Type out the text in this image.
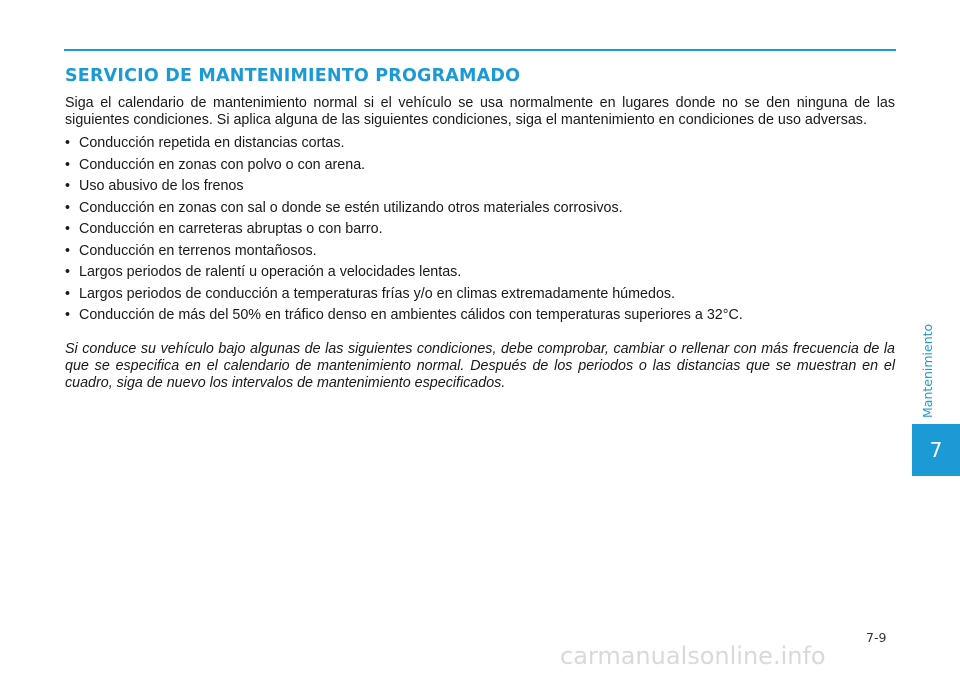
SERVICIO DE MANTENIMIENTO PROGRAMADO

Siga el calendario de mantenimiento normal si el vehículo se usa normalmente en lugares donde no se den ninguna de las siguientes condiciones. Si aplica alguna de las siguientes condiciones, siga el mantenimiento en condiciones de uso adversas.

• Conducción repetida en distancias cortas.
• Conducción en zonas con polvo o con arena.
• Uso abusivo de los frenos
• Conducción en zonas con sal o donde se estén utilizando otros materiales corrosivos.
• Conducción en carreteras abruptas o con barro.
• Conducción en terrenos montañosos.
• Largos periodos de ralentí u operación a velocidades lentas.
• Largos periodos de conducción a temperaturas frías y/o en climas extremadamente húmedos.
• Conducción de más del 50% en tráfico denso en ambientes cálidos con temperaturas superiores a 32°C.

Si conduce su vehículo bajo algunas de las siguientes condiciones, debe comprobar, cambiar o rellenar con más frecuencia de la que se especifica en el calendario de mantenimiento normal. Después de los periodos o las distancias que se muestran en el cuadro, siga de nuevo los intervalos de mantenimiento especificados.	Mantenimiento
7
7-9
carmanualsonline.info
